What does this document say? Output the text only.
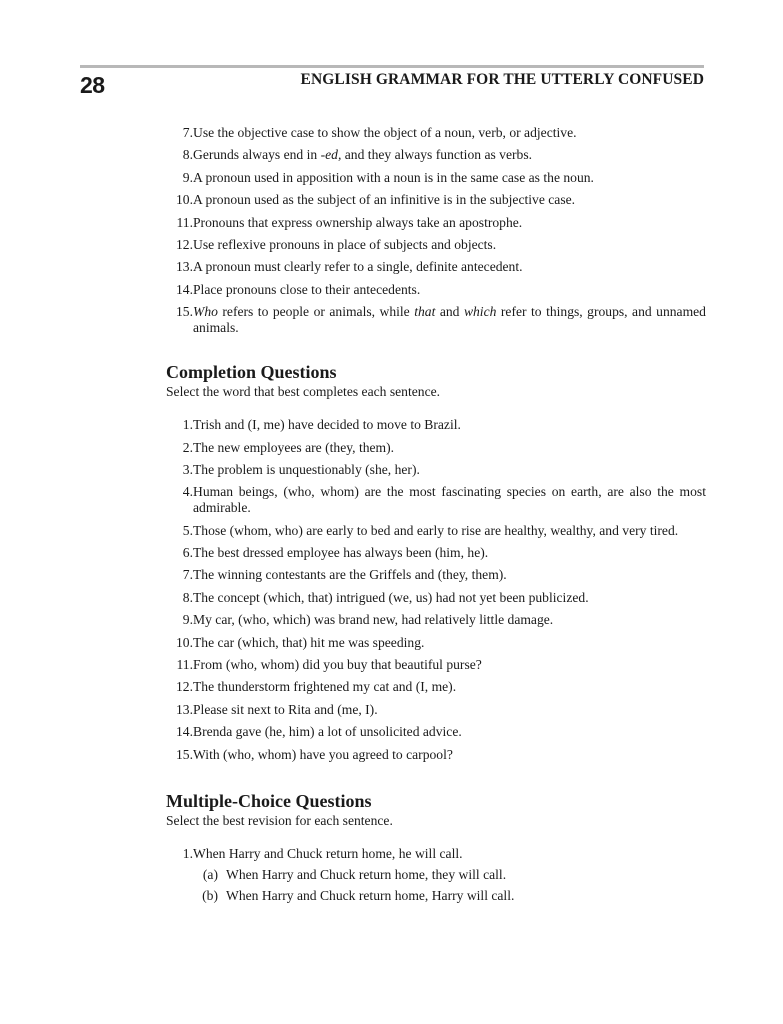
28	ENGLISH GRAMMAR FOR THE UTTERLY CONFUSED
7. Use the objective case to show the object of a noun, verb, or adjective.
8. Gerunds always end in -ed, and they always function as verbs.
9. A pronoun used in apposition with a noun is in the same case as the noun.
10. A pronoun used as the subject of an infinitive is in the subjective case.
11. Pronouns that express ownership always take an apostrophe.
12. Use reflexive pronouns in place of subjects and objects.
13. A pronoun must clearly refer to a single, definite antecedent.
14. Place pronouns close to their antecedents.
15. Who refers to people or animals, while that and which refer to things, groups, and unnamed animals.
Completion Questions

Select the word that best completes each sentence.

1. Trish and (I, me) have decided to move to Brazil.
2. The new employees are (they, them).
3. The problem is unquestionably (she, her).
4. Human beings, (who, whom) are the most fascinating species on earth, are also the most admirable.
5. Those (whom, who) are early to bed and early to rise are healthy, wealthy, and very tired.
6. The best dressed employee has always been (him, he).
7. The winning contestants are the Griffels and (they, them).
8. The concept (which, that) intrigued (we, us) had not yet been publicized.
9. My car, (who, which) was brand new, had relatively little damage.
10. The car (which, that) hit me was speeding.
11. From (who, whom) did you buy that beautiful purse?
12. The thunderstorm frightened my cat and (I, me).
13. Please sit next to Rita and (me, I).
14. Brenda gave (he, him) a lot of unsolicited advice.
15. With (who, whom) have you agreed to carpool?
Multiple-Choice Questions

Select the best revision for each sentence.

1. When Harry and Chuck return home, he will call.
(a) When Harry and Chuck return home, they will call.
(b) When Harry and Chuck return home, Harry will call.
